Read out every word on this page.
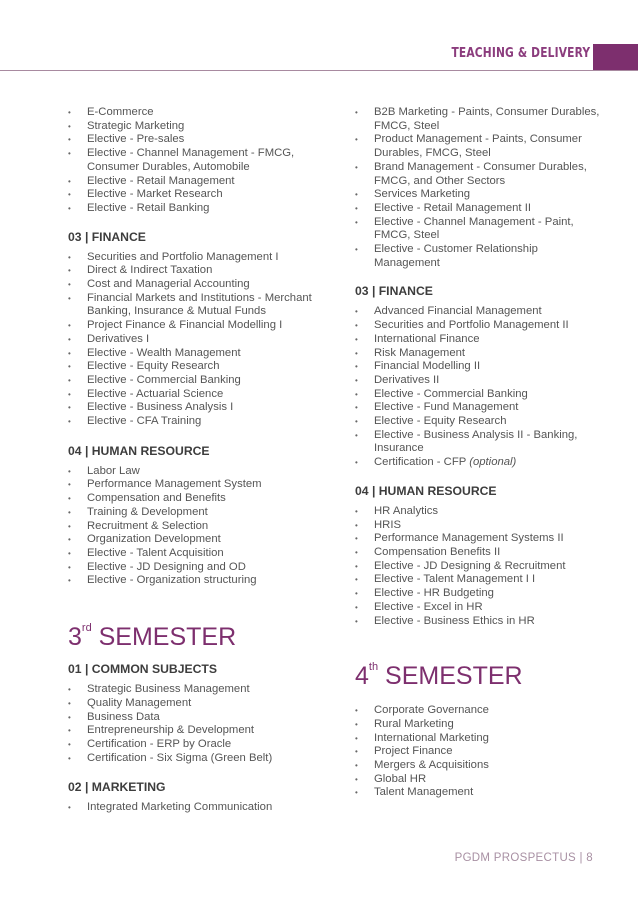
TEACHING & DELIVERY
• E-Commerce
• Strategic Marketing
• Elective - Pre-sales
• Elective - Channel Management - FMCG, Consumer Durables, Automobile
• Elective - Retail Management
• Elective - Market Research
• Elective - Retail Banking
03 | FINANCE
• Securities and Portfolio Management I
• Direct & Indirect Taxation
• Cost and Managerial Accounting
• Financial Markets and Institutions - Merchant Banking, Insurance & Mutual Funds
• Project Finance & Financial Modelling I
• Derivatives I
• Elective - Wealth Management
• Elective - Equity Research
• Elective - Commercial Banking
• Elective - Actuarial Science
• Elective - Business Analysis I
• Elective - CFA Training
04 | HUMAN RESOURCE
• Labor Law
• Performance Management System
• Compensation and Benefits
• Training & Development
• Recruitment & Selection
• Organization Development
• Elective - Talent Acquisition
• Elective - JD Designing and OD
• Elective - Organization structuring
3rd SEMESTER
01 | COMMON SUBJECTS
• Strategic Business Management
• Quality Management
• Business Data
• Entrepreneurship & Development
• Certification - ERP by Oracle
• Certification - Six Sigma (Green Belt)
02 | MARKETING
• Integrated Marketing Communication
• B2B Marketing - Paints, Consumer Durables, FMCG, Steel
• Product Management - Paints, Consumer Durables, FMCG, Steel
• Brand Management - Consumer Durables, FMCG, and Other Sectors
• Services Marketing
• Elective - Retail Management II
• Elective - Channel Management - Paint, FMCG, Steel
• Elective - Customer Relationship Management
03 | FINANCE
• Advanced Financial Management
• Securities and Portfolio Management II
• International Finance
• Risk Management
• Financial Modelling II
• Derivatives II
• Elective - Commercial Banking
• Elective - Fund Management
• Elective - Equity Research
• Elective - Business Analysis II - Banking, Insurance
• Certification - CFP (optional)
04 | HUMAN RESOURCE
• HR Analytics
• HRIS
• Performance Management Systems II
• Compensation Benefits II
• Elective - JD Designing & Recruitment
• Elective - Talent Management I I
• Elective - HR Budgeting
• Elective - Excel in HR
• Elective - Business Ethics in HR
4th SEMESTER
• Corporate Governance
• Rural Marketing
• International Marketing
• Project Finance
• Mergers & Acquisitions
• Global HR
• Talent Management
PGDM PROSPECTUS | 8
